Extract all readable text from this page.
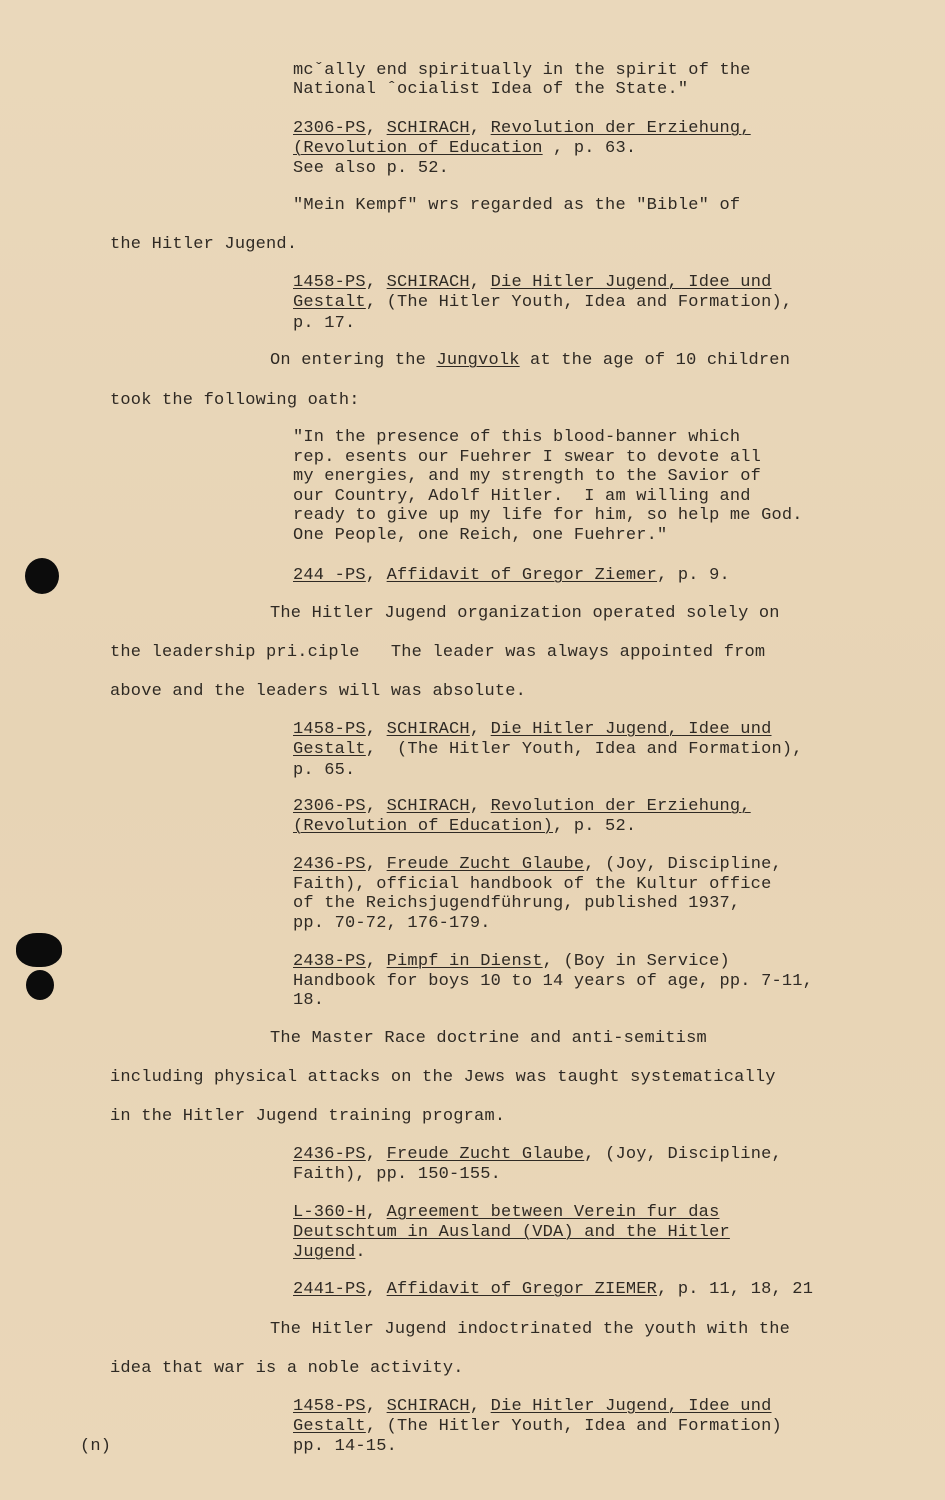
mcˇally end spiritually in the spirit of the
National ˆocialist Idea of the State."
2306-PS, SCHIRACH, Revolution der Erziehung,
(Revolution of Education , p. 63.
See also p. 52.
"Mein Kempf" wrs regarded as the "Bible" of
the Hitler Jugend.
1458-PS, SCHIRACH, Die Hitler Jugend, Idee und
Gestalt, (The Hitler Youth, Idea and Formation),
p. 17.
On entering the Jungvolk at the age of 10 children
took the following oath:
"In the presence of this blood-banner which
rep. esents our Fuehrer I swear to devote all
my energies, and my strength to the Savior of
our Country, Adolf Hitler.  I am willing and
ready to give up my life for him, so help me God.
One People, one Reich, one Fuehrer."
244 -PS, Affidavit of Gregor Ziemer, p. 9.
The Hitler Jugend organization operated solely on
the leadership pri.ciple   The leader was always appointed from
above and the leaders will was absolute.
1458-PS, SCHIRACH, Die Hitler Jugend, Idee und
Gestalt,  (The Hitler Youth, Idea and Formation),
p. 65.
2306-PS, SCHIRACH, Revolution der Erziehung,
(Revolution of Education), p. 52.
2436-PS, Freude Zucht Glaube, (Joy, Discipline,
Faith), official handbook of the Kultur office
of the Reichsjugendführung, published 1937,
pp. 70-72, 176-179.
2438-PS, Pimpf in Dienst, (Boy in Service)
Handbook for boys 10 to 14 years of age, pp. 7-11,
18.
The Master Race doctrine and anti-semitism
including physical attacks on the Jews was taught systematically
in the Hitler Jugend training program.
2436-PS, Freude Zucht Glaube, (Joy, Discipline,
Faith), pp. 150-155.
L-360-H, Agreement between Verein fur das
Deutschtum in Ausland (VDA) and the Hitler
Jugend.
2441-PS, Affidavit of Gregor ZIEMER, p. 11, 18, 21
The Hitler Jugend indoctrinated the youth with the
idea that war is a noble activity.
1458-PS, SCHIRACH, Die Hitler Jugend, Idee und
Gestalt, (The Hitler Youth, Idea and Formation)
pp. 14-15.
(n)
